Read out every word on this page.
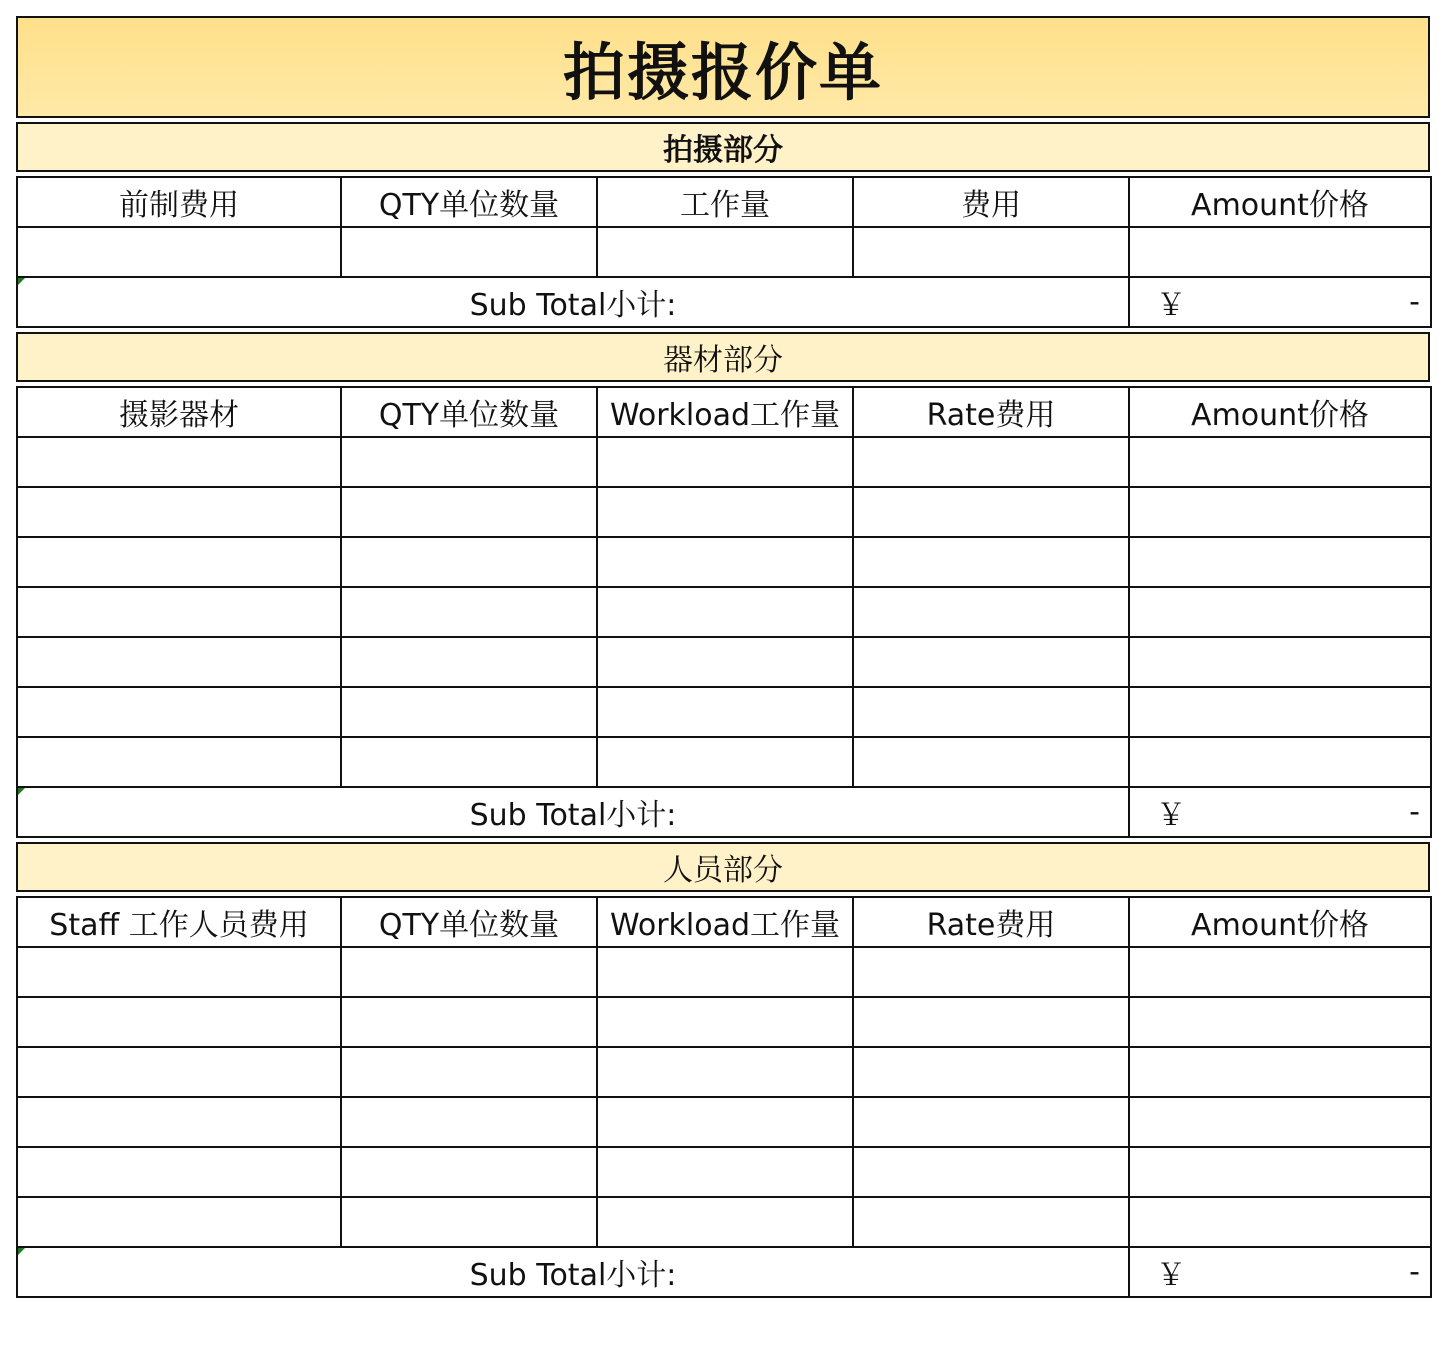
拍摄报价单
拍摄部分
前制费用	QTY单位数量	工作量	费用	Amount价格

Sub Total小计:				￥ -
器材部分
摄影器材	QTY单位数量	Workload工作量	Rate费用	Amount价格

Sub Total小计:				￥ -
人员部分
Staff 工作人员费用	QTY单位数量	Workload工作量	Rate费用	Amount价格

Sub Total小计:				￥ -
